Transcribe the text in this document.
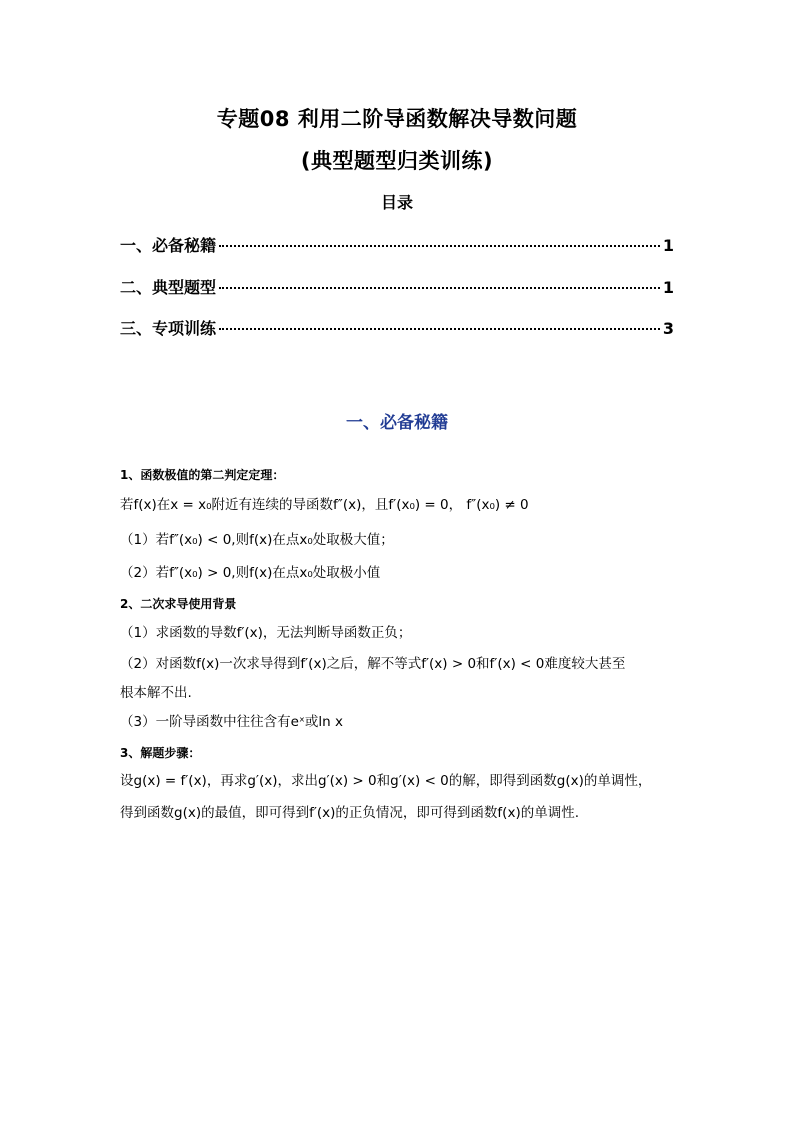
专题08 利用二阶导函数解决导数问题
(典型题型归类训练)
目录
一、必备秘籍	1
二、典型题型	1
三、专项训练	3
一、必备秘籍
1、函数极值的第二判定定理：
若f(x)在x = x₀附近有连续的导函数f″(x)，且f′(x₀) = 0， f″(x₀) ≠ 0
（1）若f″(x₀) < 0,则f(x)在点x₀处取极大值；
（2）若f″(x₀) > 0,则f(x)在点x₀处取极小值
2、二次求导使用背景
（1）求函数的导数f′(x)，无法判断导函数正负；
（2）对函数f(x)一次求导得到f′(x)之后，解不等式f′(x) > 0和f′(x) < 0难度较大甚至
根本解不出.
（3）一阶导函数中往往含有eˣ或ln x
3、解题步骤：
设g(x) = f′(x)，再求g′(x)，求出g′(x) > 0和g′(x) < 0的解，即得到函数g(x)的单调性，
得到函数g(x)的最值，即可得到f′(x)的正负情况，即可得到函数f(x)的单调性.
